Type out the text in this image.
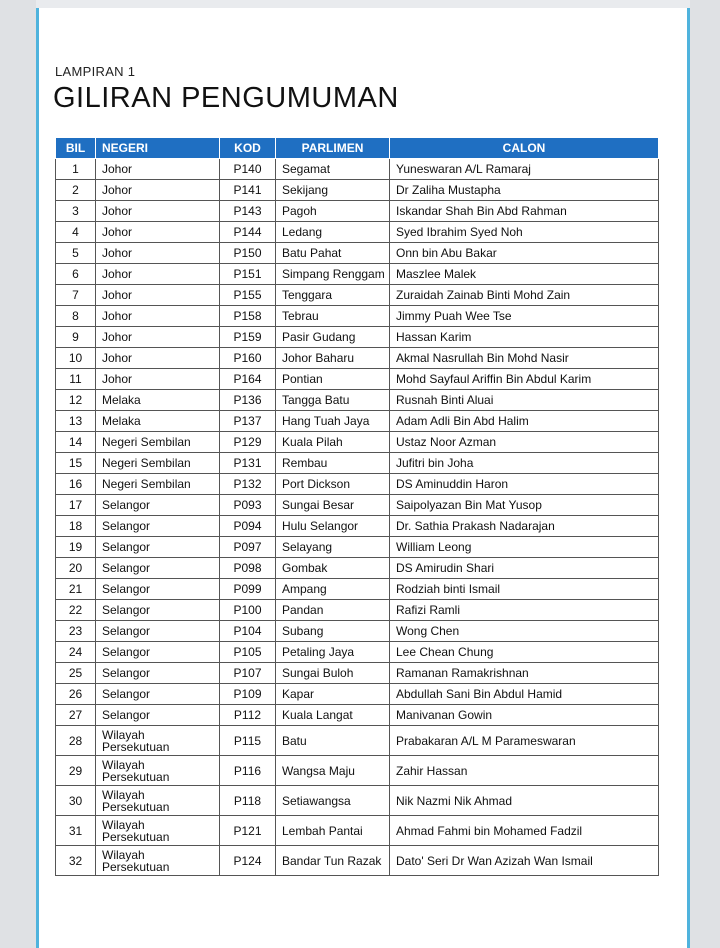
LAMPIRAN 1
GILIRAN PENGUMUMAN
BIL	NEGERI	KOD	PARLIMEN	CALON
1	Johor	P140	Segamat	Yuneswaran A/L Ramaraj
2	Johor	P141	Sekijang	Dr Zaliha Mustapha
3	Johor	P143	Pagoh	Iskandar Shah Bin Abd Rahman
4	Johor	P144	Ledang	Syed Ibrahim Syed Noh
5	Johor	P150	Batu Pahat	Onn bin Abu Bakar
6	Johor	P151	Simpang Renggam	Maszlee Malek
7	Johor	P155	Tenggara	Zuraidah Zainab Binti Mohd Zain
8	Johor	P158	Tebrau	Jimmy Puah Wee Tse
9	Johor	P159	Pasir Gudang	Hassan Karim
10	Johor	P160	Johor Baharu	Akmal Nasrullah Bin Mohd Nasir
11	Johor	P164	Pontian	Mohd Sayfaul Ariffin Bin Abdul Karim
12	Melaka	P136	Tangga Batu	Rusnah Binti Aluai
13	Melaka	P137	Hang Tuah Jaya	Adam Adli Bin Abd Halim
14	Negeri Sembilan	P129	Kuala Pilah	Ustaz Noor Azman
15	Negeri Sembilan	P131	Rembau	Jufitri bin Joha
16	Negeri Sembilan	P132	Port Dickson	DS Aminuddin Haron
17	Selangor	P093	Sungai Besar	Saipolyazan Bin Mat Yusop
18	Selangor	P094	Hulu Selangor	Dr. Sathia Prakash Nadarajan
19	Selangor	P097	Selayang	William Leong
20	Selangor	P098	Gombak	DS Amirudin Shari
21	Selangor	P099	Ampang	Rodziah binti Ismail
22	Selangor	P100	Pandan	Rafizi Ramli
23	Selangor	P104	Subang	Wong Chen
24	Selangor	P105	Petaling Jaya	Lee Chean Chung
25	Selangor	P107	Sungai Buloh	Ramanan Ramakrishnan
26	Selangor	P109	Kapar	Abdullah Sani Bin Abdul Hamid
27	Selangor	P112	Kuala Langat	Manivanan Gowin
28	Wilayah Persekutuan	P115	Batu	Prabakaran A/L M Parameswaran
29	Wilayah Persekutuan	P116	Wangsa Maju	Zahir Hassan
30	Wilayah Persekutuan	P118	Setiawangsa	Nik Nazmi Nik Ahmad
31	Wilayah Persekutuan	P121	Lembah Pantai	Ahmad Fahmi bin Mohamed Fadzil
32	Wilayah Persekutuan	P124	Bandar Tun Razak	Dato' Seri Dr Wan Azizah Wan Ismail
